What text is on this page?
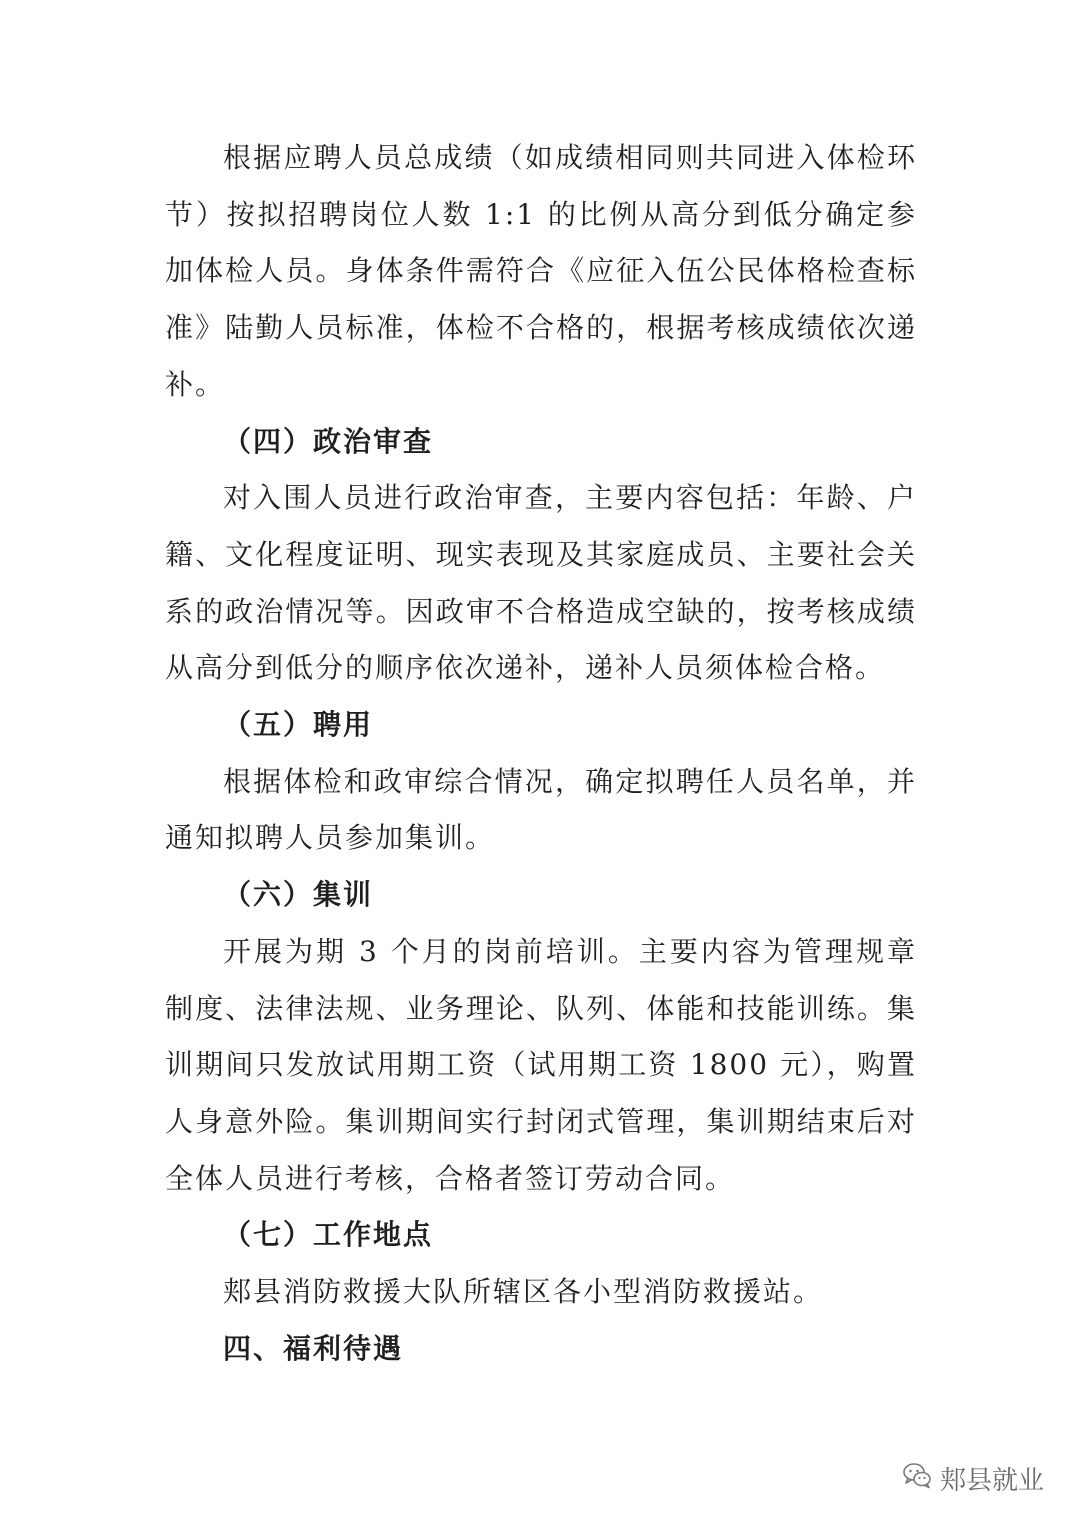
根据应聘人员总成绩（如成绩相同则共同进入体检环节）按拟招聘岗位人数 1:1 的比例从高分到低分确定参加体检人员。身体条件需符合《应征入伍公民体格检查标准》陆勤人员标准，体检不合格的，根据考核成绩依次递补。

（四）政治审查

对入围人员进行政治审查，主要内容包括：年龄、户籍、文化程度证明、现实表现及其家庭成员、主要社会关系的政治情况等。因政审不合格造成空缺的，按考核成绩从高分到低分的顺序依次递补，递补人员须体检合格。

（五）聘用

根据体检和政审综合情况，确定拟聘任人员名单，并通知拟聘人员参加集训。

（六）集训

开展为期 3 个月的岗前培训。主要内容为管理规章制度、法律法规、业务理论、队列、体能和技能训练。集训期间只发放试用期工资（试用期工资 1800 元），购置人身意外险。集训期间实行封闭式管理，集训期结束后对全体人员进行考核，合格者签订劳动合同。

（七）工作地点

郏县消防救援大队所辖区各小型消防救援站。

四、福利待遇

郏县就业
